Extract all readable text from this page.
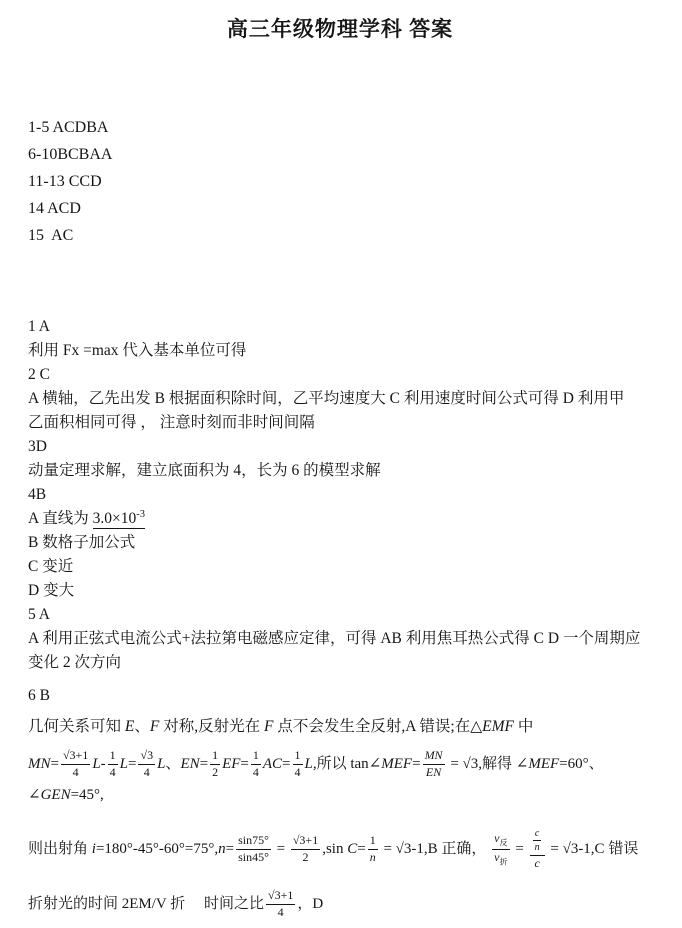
高三年级物理学科 答案
1-5 ACDBA
6-10BCBAA
11-13 CCD
14 ACD
15  AC
1 A
利用 Fx =max 代入基本单位可得
2 C
A 横轴，乙先出发 B 根据面积除时间，乙平均速度大 C 利用速度时间公式可得 D 利用甲
乙面积相同可得 ， 注意时刻而非时间间隔
3D
动量定理求解，建立底面积为 4，长为 6 的模型求解
4B
A 直线为 $3.0\times 10^{-3}$
B 数格子加公式
C 变近
D 变大
5 A
A 利用正弦式电流公式+法拉第电磁感应定律，可得 AB 利用焦耳热公式得 C D 一个周期应
变化 2 次方向
6 B
几何关系可知 E、F 对称,反射光在 F 点不会发生全反射,A 错误;在△EMF 中
$MN= \frac{√3+1}{4} L- \frac{1}{4} L= \frac{√3}{4}$ L、$EN= \frac{1}{2} EF= \frac{1}{4} AC= \frac{1}{4} L$,所以 tan∠MEF= $\frac{MN}{EN} = √3$,解得 ∠MEF=60°、∠GEN=45°,
则出射角 $i=180^\circ-45^\circ-60^\circ=75^\circ,n= \frac{\sin 75^\circ}{\sin 45^\circ} = \frac{√3+1}{2} ,\sin$ $C= \frac{1}{n} = √3-1,B$ 正确， $\frac{v_反}{v_折} = \frac{\frac{c}{n}}{c} = √3-1,C$ 错误
折射光的时间 2EM/V 折　 时间之比 $\frac{√3+1}{4}$ ，D
